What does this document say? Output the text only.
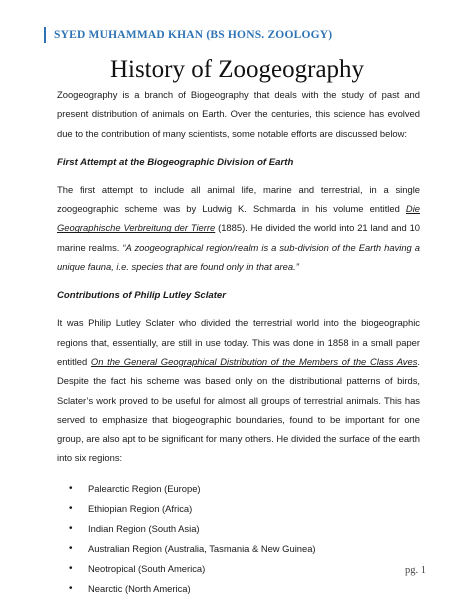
SYED MUHAMMAD KHAN (BS HONS. ZOOLOGY)
History of Zoogeography

Zoogeography is a branch of Biogeography that deals with the study of past and present distribution of animals on Earth. Over the centuries, this science has evolved due to the contribution of many scientists, some notable efforts are discussed below:

First Attempt at the Biogeographic Division of Earth

The first attempt to include all animal life, marine and terrestrial, in a single zoogeographic scheme was by Ludwig K. Schmarda in his volume entitled Die Geographische Verbreitung der Tierre (1885). He divided the world into 21 land and 10 marine realms. “A zoogeographical region/realm is a sub-division of the Earth having a unique fauna, i.e. species that are found only in that area.”

Contributions of Philip Lutley Sclater

It was Philip Lutley Sclater who divided the terrestrial world into the biogeographic regions that, essentially, are still in use today. This was done in 1858 in a small paper entitled On the General Geographical Distribution of the Members of the Class Aves. Despite the fact his scheme was based only on the distributional patterns of birds, Sclater’s work proved to be useful for almost all groups of terrestrial animals. This has served to emphasize that biogeographic boundaries, found to be important for one group, are also apt to be significant for many others. He divided the surface of the earth into six regions:

• Palearctic Region (Europe)
• Ethiopian Region (Africa)
• Indian Region (South Asia)
• Australian Region (Australia, Tasmania & New Guinea)
• Neotropical (South America)
• Nearctic (North America)
pg. 1
